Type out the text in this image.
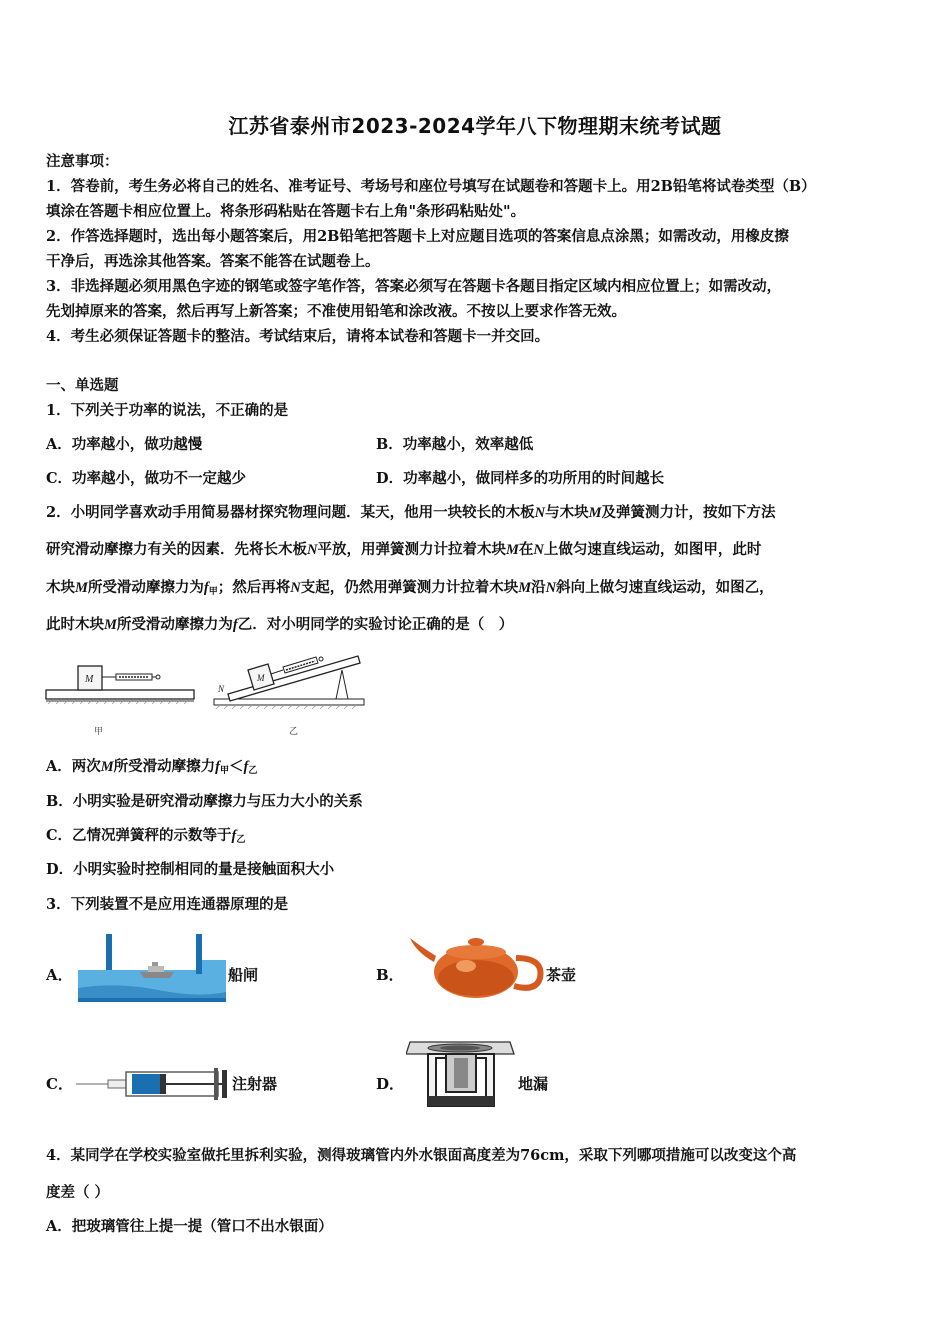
江苏省泰州市2023-2024学年八下物理期末统考试题
注意事项：
1．答卷前，考生务必将自己的姓名、准考证号、考场号和座位号填写在试题卷和答题卡上。用2B铅笔将试卷类型（B）
填涂在答题卡相应位置上。将条形码粘贴在答题卡右上角"条形码粘贴处"。
2．作答选择题时，选出每小题答案后，用2B铅笔把答题卡上对应题目选项的答案信息点涂黑；如需改动，用橡皮擦
干净后，再选涂其他答案。答案不能答在试题卷上。
3．非选择题必须用黑色字迹的钢笔或签字笔作答，答案必须写在答题卡各题目指定区域内相应位置上；如需改动，
先划掉原来的答案，然后再写上新答案；不准使用铅笔和涂改液。不按以上要求作答无效。
4．考生必须保证答题卡的整洁。考试结束后，请将本试卷和答题卡一并交回。
一、单选题
1．下列关于功率的说法，不正确的是
A．功率越小，做功越慢	B．功率越小，效率越低
C．功率越小，做功不一定越少	D．功率越小，做同样多的功所用的时间越长
2．小明同学喜欢动手用简易器材探究物理问题．某天，他用一块较长的木板N与木块M及弹簧测力计，按如下方法
研究滑动摩擦力有关的因素．先将长木板N平放，用弹簧测力计拉着木块M在N上做匀速直线运动，如图甲，此时
木块M所受滑动摩擦力为$f_甲$；然后再将N支起，仍然用弹簧测力计拉着木块M沿N斜向上做匀速直线运动，如图乙，
此时木块M所受滑动摩擦力为f乙．对小明同学的实验讨论正确的是（　）
M
甲
N
M
乙
A．两次M所受滑动摩擦力$f_甲<f_乙$
B．小明实验是研究滑动摩擦力与压力大小的关系
C．乙情况弹簧秤的示数等于$f_乙$
D．小明实验时控制相同的量是接触面积大小
3．下列装置不是应用连通器原理的是
A．	船闸	B．	茶壶
C．	注射器	D．	地漏
4．某同学在学校实验室做托里拆利实验，测得玻璃管内外水银面高度差为76cm，采取下列哪项措施可以改变这个高
度差（ ）
A．把玻璃管往上提一提（管口不出水银面）
